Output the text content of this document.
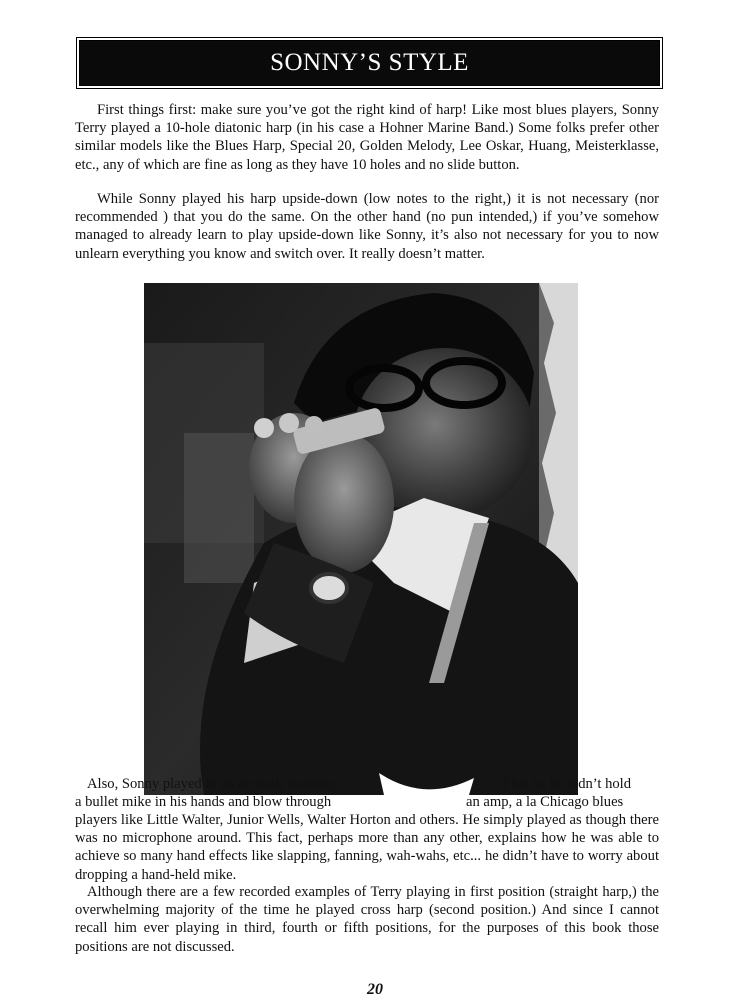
SONNY’S STYLE

First things first: make sure you’ve got the right kind of harp! Like most blues players, Sonny Terry played a 10-hole diatonic harp (in his case a Hohner Marine Band.) Some folks prefer other similar models like the Blues Harp, Special 20, Golden Melody, Lee Oskar, Huang, Meisterklasse, etc., any of which are fine as long as they have 10 holes and no slide button.

While Sonny played his harp upside-down (low notes to the right,) it is not necessary (nor recommended ) that you do the same. On the other hand (no pun intended,) if you’ve somehow managed to already learn to play upside-down like Sonny, it’s also not necessary for you to now unlearn everything you know and switch over. It really doesn’t matter.

Also, Sonny played in an acoustic manner.	That is, he didn’t hold

a bullet mike in his hands and blow through	an amp, a la Chicago blues

players like Little Walter, Junior Wells, Walter Horton and others. He simply played as though there was no microphone around. This fact, perhaps more than any other, explains how he was able to achieve so many hand effects like slapping, fanning, wah-wahs, etc... he didn’t have to worry about dropping a hand-held mike.

Although there are a few recorded examples of Terry playing in first position (straight harp,) the overwhelming majority of the time he played cross harp (second position.) And since I cannot recall him ever playing in third, fourth or fifth positions, for the purposes of this book those positions are not discussed.

20
